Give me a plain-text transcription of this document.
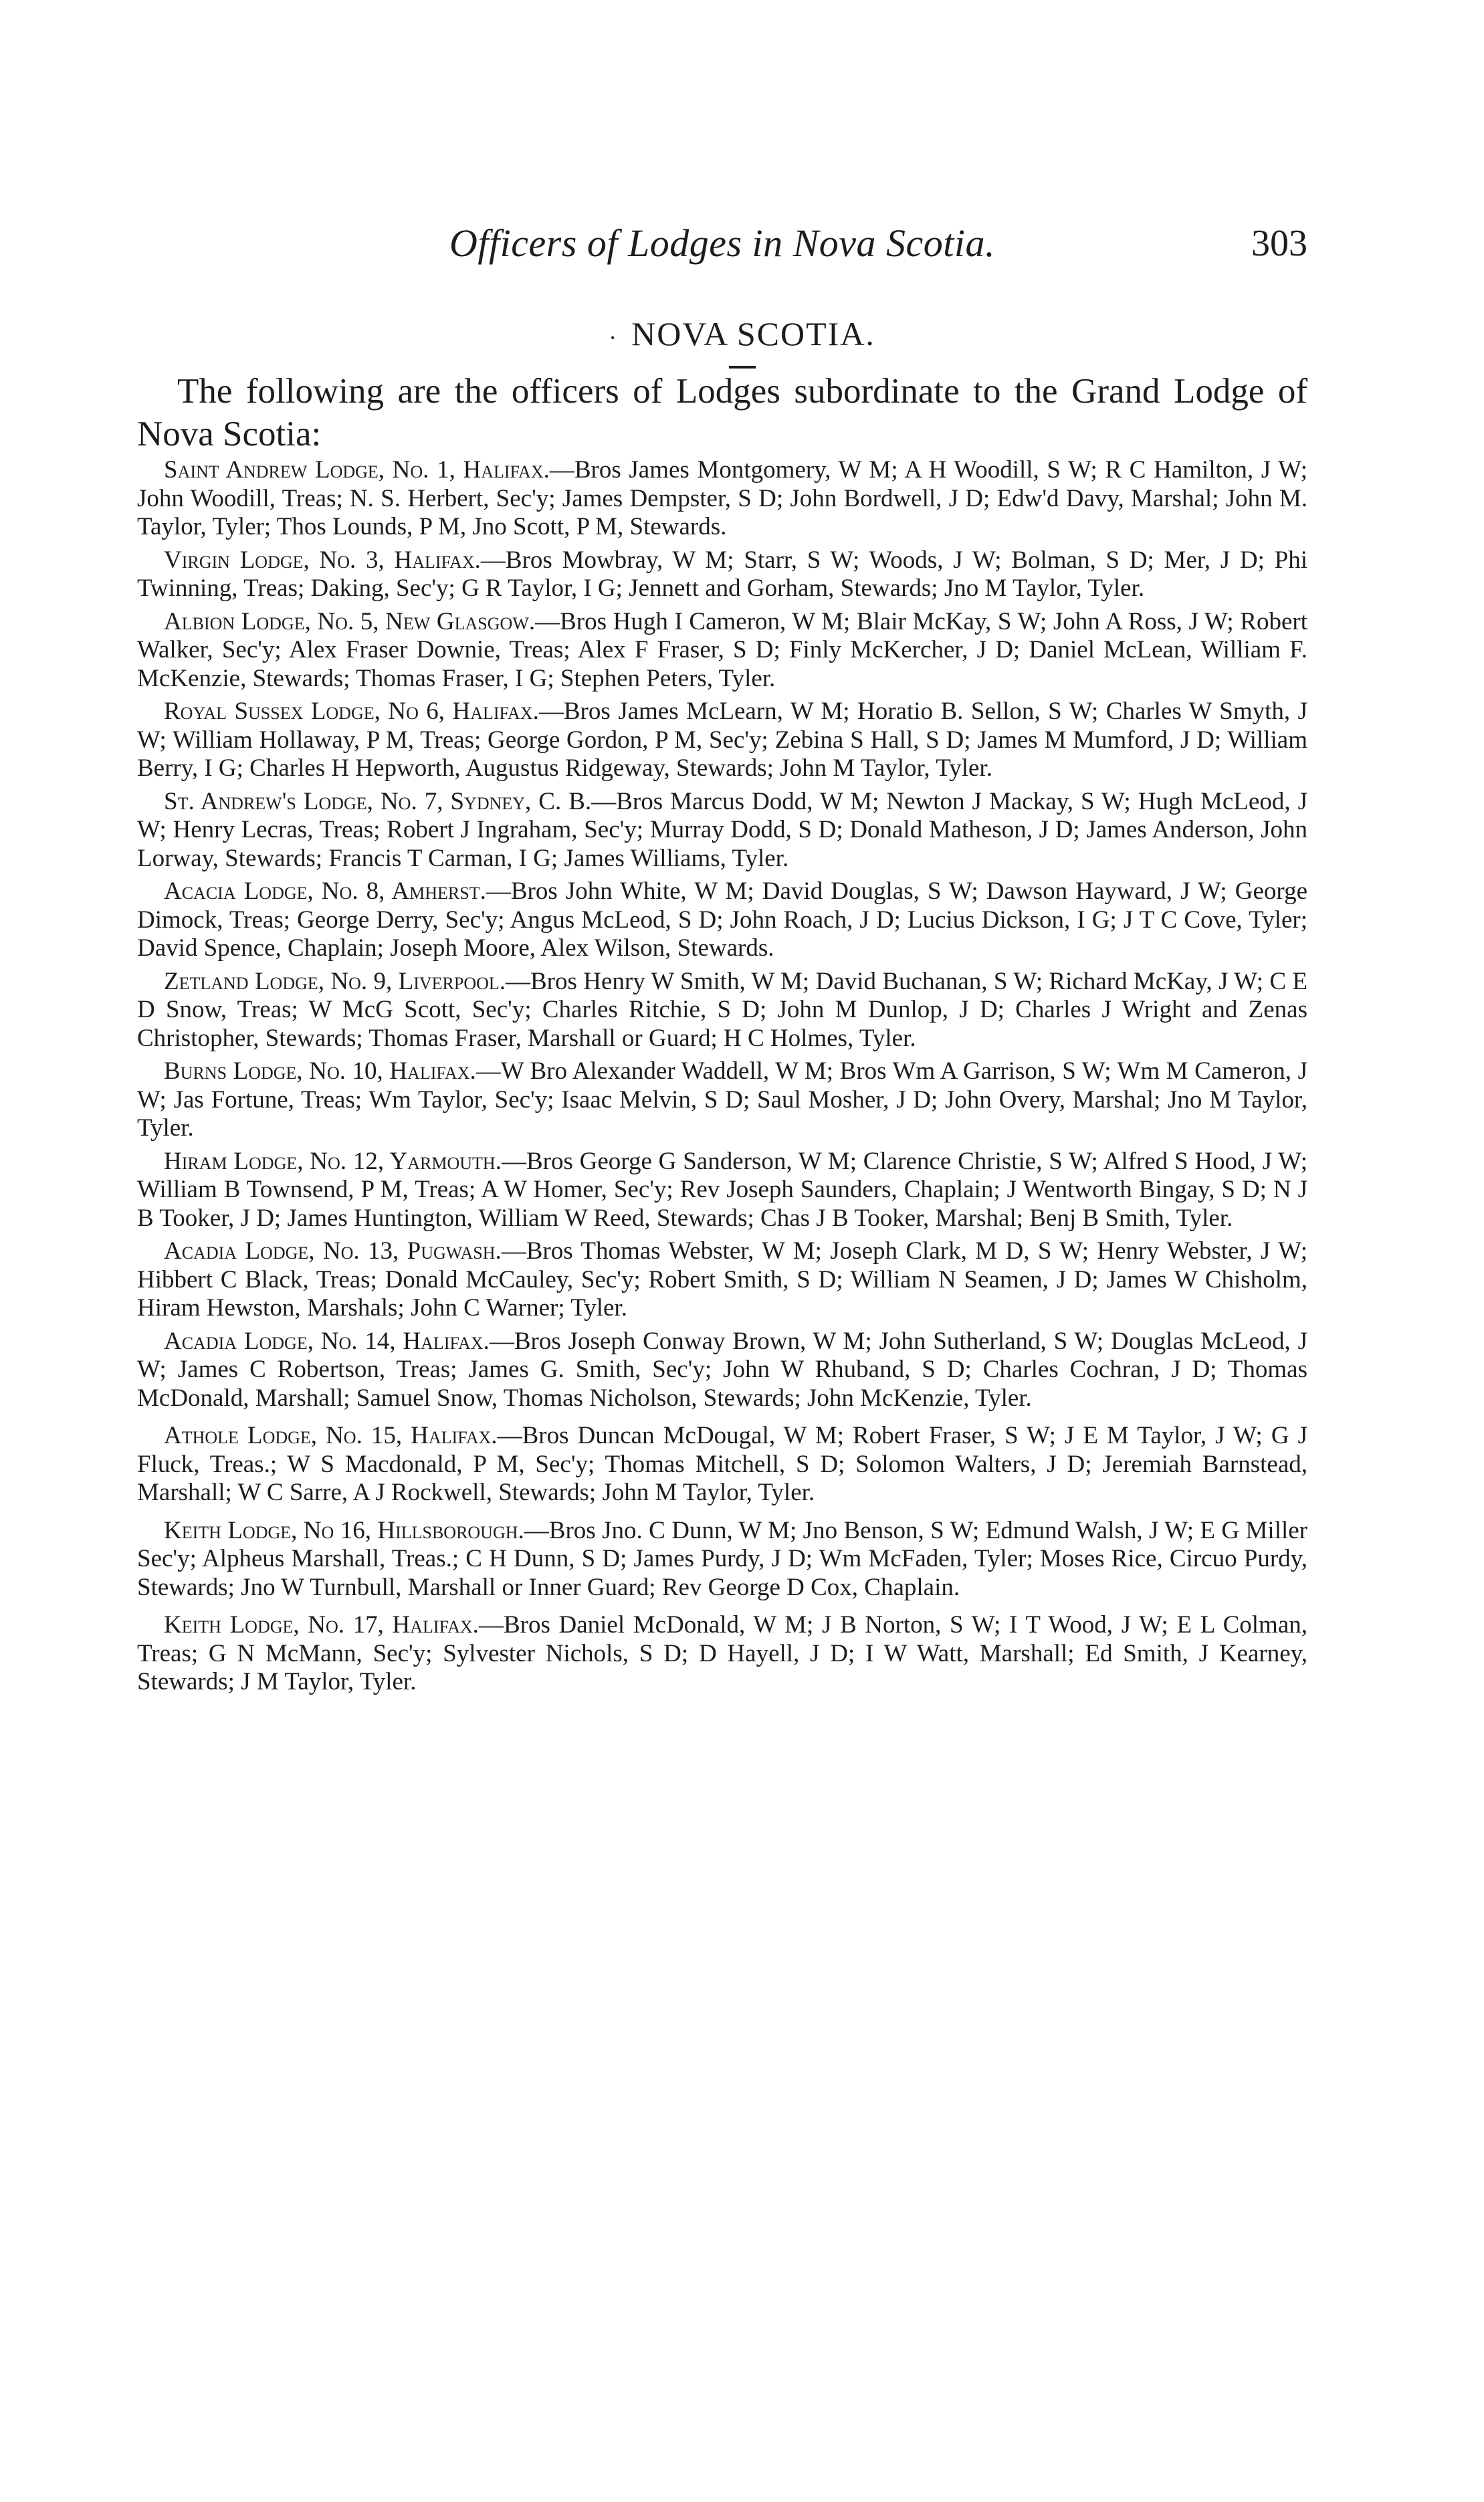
Officers of Lodges in Nova Scotia.	303
· NOVA SCOTIA.
The following are the officers of Lodges subordinate to the Grand Lodge of Nova Scotia:

Saint Andrew Lodge, No. 1, Halifax.—Bros James Montgomery, W M; A H Woodill, S W; R C Hamilton, J W; John Woodill, Treas; N. S. Herbert, Sec'y; James Dempster, S D; John Bordwell, J D; Edw'd Davy, Marshal; John M. Taylor, Tyler; Thos Lounds, P M, Jno Scott, P M, Stewards.

Virgin Lodge, No. 3, Halifax.—Bros Mowbray, W M; Starr, S W; Woods, J W; Bolman, S D; Mer, J D; Phi Twinning, Treas; Daking, Sec'y; G R Taylor, I G; Jennett and Gorham, Stewards; Jno M Taylor, Tyler.

Albion Lodge, No. 5, New Glasgow.—Bros Hugh I Cameron, W M; Blair McKay, S W; John A Ross, J W; Robert Walker, Sec'y; Alex Fraser Downie, Treas; Alex F Fraser, S D; Finly McKercher, J D; Daniel McLean, William F. McKenzie, Stewards; Thomas Fraser, I G; Stephen Peters, Tyler.

Royal Sussex Lodge, No 6, Halifax.—Bros James McLearn, W M; Horatio B. Sellon, S W; Charles W Smyth, J W; William Hollaway, P M, Treas; George Gordon, P M, Sec'y; Zebina S Hall, S D; James M Mumford, J D; William Berry, I G; Charles H Hepworth, Augustus Ridgeway, Stewards; John M Taylor, Tyler.

St. Andrew's Lodge, No. 7, Sydney, C. B.—Bros Marcus Dodd, W M; Newton J Mackay, S W; Hugh McLeod, J W; Henry Lecras, Treas; Robert J Ingraham, Sec'y; Murray Dodd, S D; Donald Matheson, J D; James Anderson, John Lorway, Stewards; Francis T Carman, I G; James Williams, Tyler.

Acacia Lodge, No. 8, Amherst.—Bros John White, W M; David Douglas, S W; Dawson Hayward, J W; George Dimock, Treas; George Derry, Sec'y; Angus McLeod, S D; John Roach, J D; Lucius Dickson, I G; J T C Cove, Tyler; David Spence, Chaplain; Joseph Moore, Alex Wilson, Stewards.

Zetland Lodge, No. 9, Liverpool.—Bros Henry W Smith, W M; David Buchanan, S W; Richard McKay, J W; C E D Snow, Treas; W McG Scott, Sec'y; Charles Ritchie, S D; John M Dunlop, J D; Charles J Wright and Zenas Christopher, Stewards; Thomas Fraser, Marshall or Guard; H C Holmes, Tyler.

Burns Lodge, No. 10, Halifax.—W Bro Alexander Waddell, W M; Bros Wm A Garrison, S W; Wm M Cameron, J W; Jas Fortune, Treas; Wm Taylor, Sec'y; Isaac Melvin, S D; Saul Mosher, J D; John Overy, Marshal; Jno M Taylor, Tyler.

Hiram Lodge, No. 12, Yarmouth.—Bros George G Sanderson, W M; Clarence Christie, S W; Alfred S Hood, J W; William B Townsend, P M, Treas; A W Homer, Sec'y; Rev Joseph Saunders, Chaplain; J Wentworth Bingay, S D; N J B Tooker, J D; James Huntington, William W Reed, Stewards; Chas J B Tooker, Marshal; Benj B Smith, Tyler.

Acadia Lodge, No. 13, Pugwash.—Bros Thomas Webster, W M; Joseph Clark, M D, S W; Henry Webster, J W; Hibbert C Black, Treas; Donald McCauley, Sec'y; Robert Smith, S D; William N Seamen, J D; James W Chisholm, Hiram Hewston, Marshals; John C Warner; Tyler.

Acadia Lodge, No. 14, Halifax.—Bros Joseph Conway Brown, W M; John Sutherland, S W; Douglas McLeod, J W; James C Robertson, Treas; James G. Smith, Sec'y; John W Rhuband, S D; Charles Cochran, J D; Thomas McDonald, Marshall; Samuel Snow, Thomas Nicholson, Stewards; John McKenzie, Tyler.

Athole Lodge, No. 15, Halifax.—Bros Duncan McDougal, W M; Robert Fraser, S W; J E M Taylor, J W; G J Fluck, Treas.; W S Macdonald, P M, Sec'y; Thomas Mitchell, S D; Solomon Walters, J D; Jeremiah Barnstead, Marshall; W C Sarre, A J Rockwell, Stewards; John M Taylor, Tyler.

Keith Lodge, No 16, Hillsborough.—Bros Jno. C Dunn, W M; Jno Benson, S W; Edmund Walsh, J W; E G Miller Sec'y; Alpheus Marshall, Treas.; C H Dunn, S D; James Purdy, J D; Wm McFaden, Tyler; Moses Rice, Circuo Purdy, Stewards; Jno W Turnbull, Marshall or Inner Guard; Rev George D Cox, Chaplain.

Keith Lodge, No. 17, Halifax.—Bros Daniel McDonald, W M; J B Norton, S W; I T Wood, J W; E L Colman, Treas; G N McMann, Sec'y; Sylvester Nichols, S D; D Hayell, J D; I W Watt, Marshall; Ed Smith, J Kearney, Stewards; J M Taylor, Tyler.
